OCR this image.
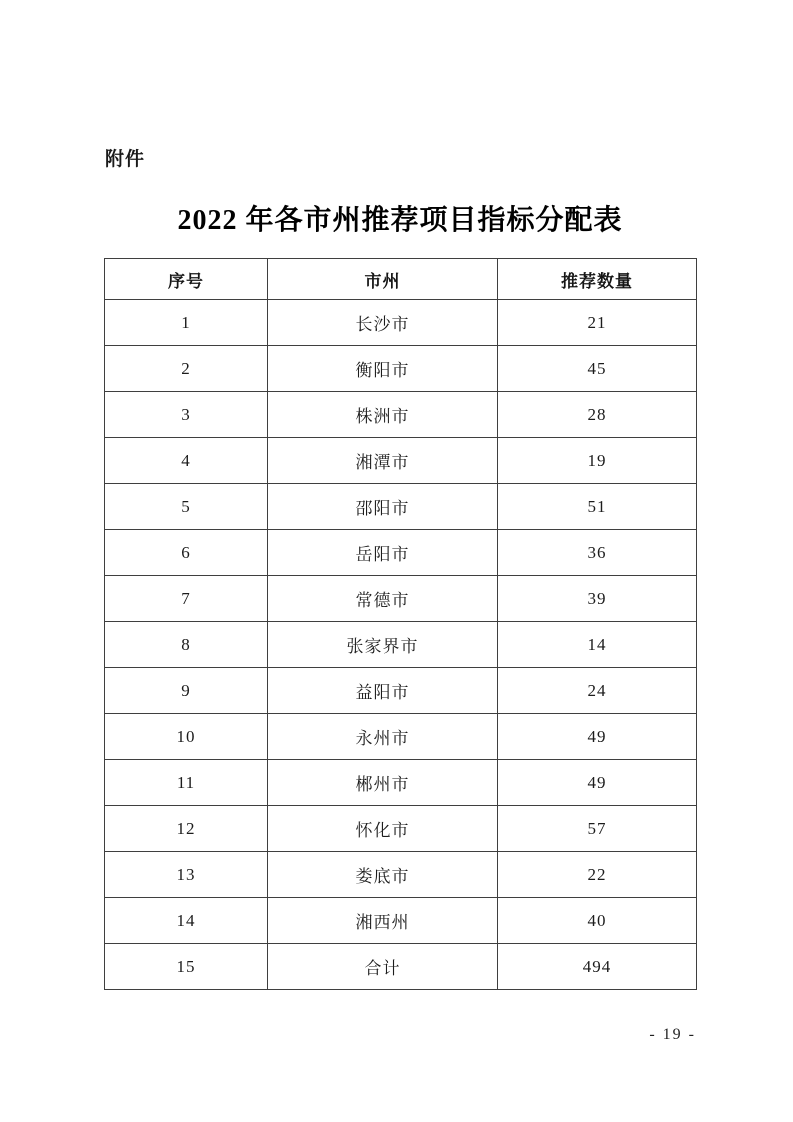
附件
2022 年各市州推荐项目指标分配表
序号	市州	推荐数量
1	长沙市	21
2	衡阳市	45
3	株洲市	28
4	湘潭市	19
5	邵阳市	51
6	岳阳市	36
7	常德市	39
8	张家界市	14
9	益阳市	24
10	永州市	49
11	郴州市	49
12	怀化市	57
13	娄底市	22
14	湘西州	40
15	合计	494
- 19 -
